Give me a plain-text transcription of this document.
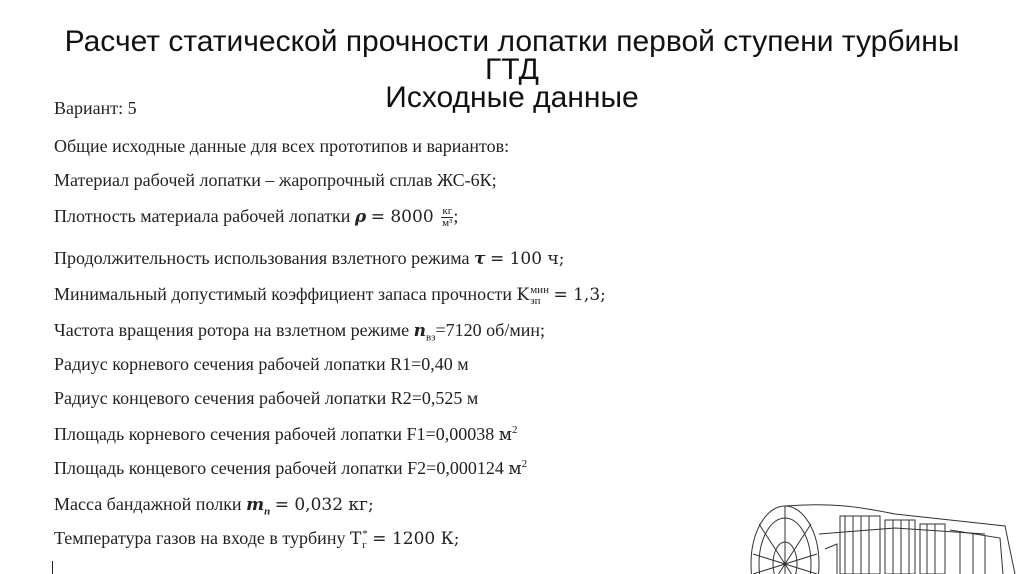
Расчет статической прочности лопатки первой ступени турбины
ГТД
Исходные данные
Вариант: 5
Общие исходные данные для всех прототипов и вариантов:
Материал рабочей лопатки – жаропрочный сплав ЖС-6К;
Плотность материала рабочей лопатки $\rho = 8000 \frac{кг}{\text{м³}}$ ;
Продолжительность использования взлетного режима τ = 100 ч;
Минимальный допустимый коэффициент запаса прочности K мин
зп = 1,3;
Частота вращения ротора на взлетном режиме $n_{вз}=7120$ об/мин;
Радиус корневого сечения рабочей лопатки R1=0,40 м
Радиус концевого сечения рабочей лопатки R2=0,525 м
Площадь корневого сечения рабочей лопатки F1=0,00038 $м^2$
Площадь концевого сечения рабочей лопатки F2=0,000124 $м^2$
Масса бандажной полки $m_п = 0,032$ кг;
Температура газов на входе в турбину T *
г = 1200 К;
